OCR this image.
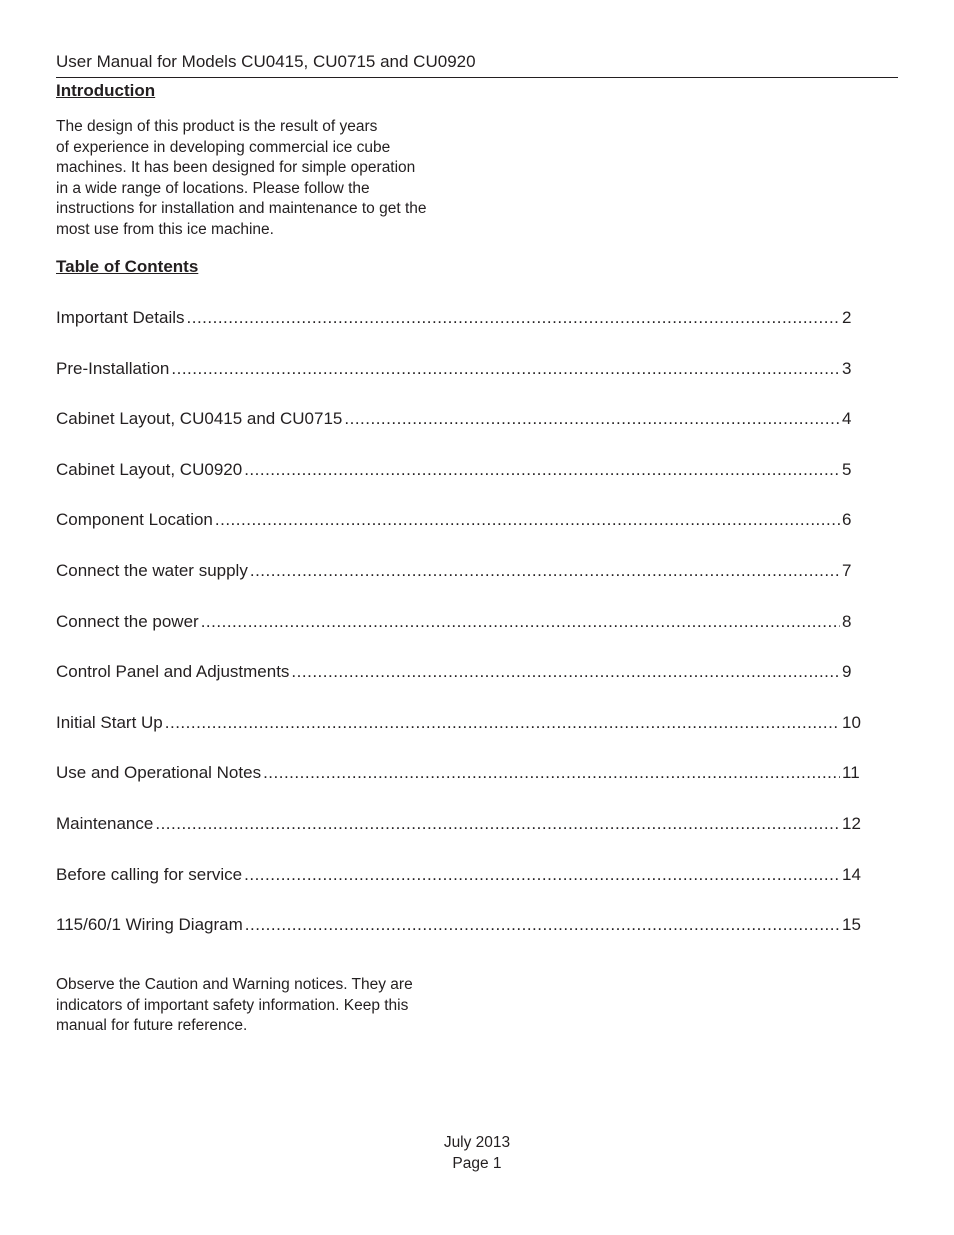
User Manual for Models CU0415, CU0715 and CU0920
Introduction
The design of this product is the result of years
of experience in developing commercial ice cube
machines. It has been designed for simple operation
in a wide range of locations. Please follow the
instructions for installation and maintenance to get the
most use from this ice machine.
Table of Contents
Important Details .....	2
Pre-Installation .....	3
Cabinet Layout, CU0415 and CU0715 .....	4
Cabinet Layout, CU0920 .....	5
Component Location .....	6
Connect the water supply .....	7
Connect the power .....	8
Control Panel and Adjustments .....	9
Initial Start Up .....	10
Use and Operational Notes .....	11
Maintenance .....	12
Before calling for service .....	14
115/60/1 Wiring Diagram .....	15
Observe the Caution and Warning notices. They are
indicators of important safety information. Keep this
manual for future reference.
July 2013
Page 1
